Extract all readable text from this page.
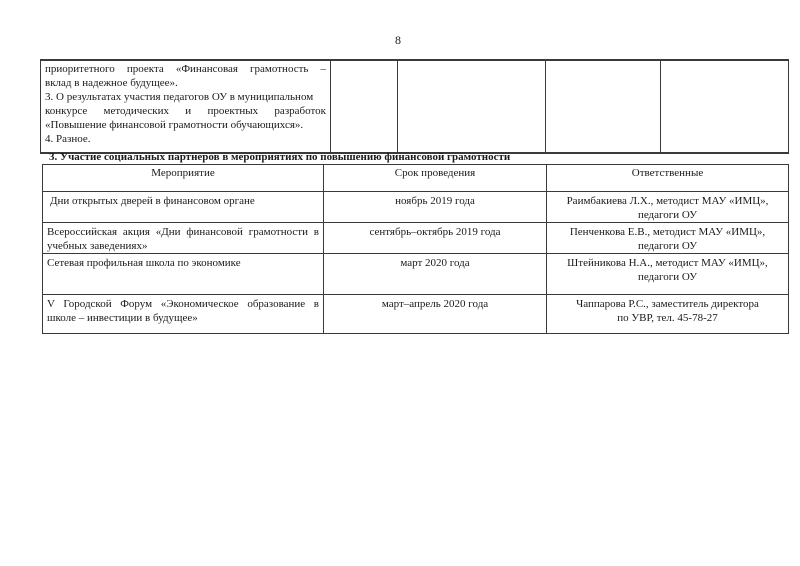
8
приоритетного проекта «Финансовая грамотность –
вклад в надежное будущее».
3. О результатах участия педагогов ОУ в муниципальном
конкурсе методических и проектных разработок
«Повышение финансовой грамотности обучающихся».
4. Разное.

3. Участие социальных партнеров в мероприятиях по повышению финансовой грамотности
Мероприятие	Срок проведения	Ответственные
Дни открытых дверей в финансовом органе	ноябрь 2019 года	Раимбакиева Л.Х., методист МАУ «ИМЦ»,
педагоги ОУ

Всероссийская акция «Дни финансовой грамотности в учебных заведениях»	сентябрь–октябрь 2019 года	Пенченкова Е.В., методист МАУ «ИМЦ»,
педагоги ОУ

Сетевая профильная школа по экономике	март 2020 года	Штейникова Н.А., методист МАУ «ИМЦ»,
педагоги ОУ

V Городской Форум «Экономическое образование в школе – инвестиции в будущее»	март–апрель 2020 года	Чаппарова Р.С., заместитель директора
по УВР, тел. 45-78-27
